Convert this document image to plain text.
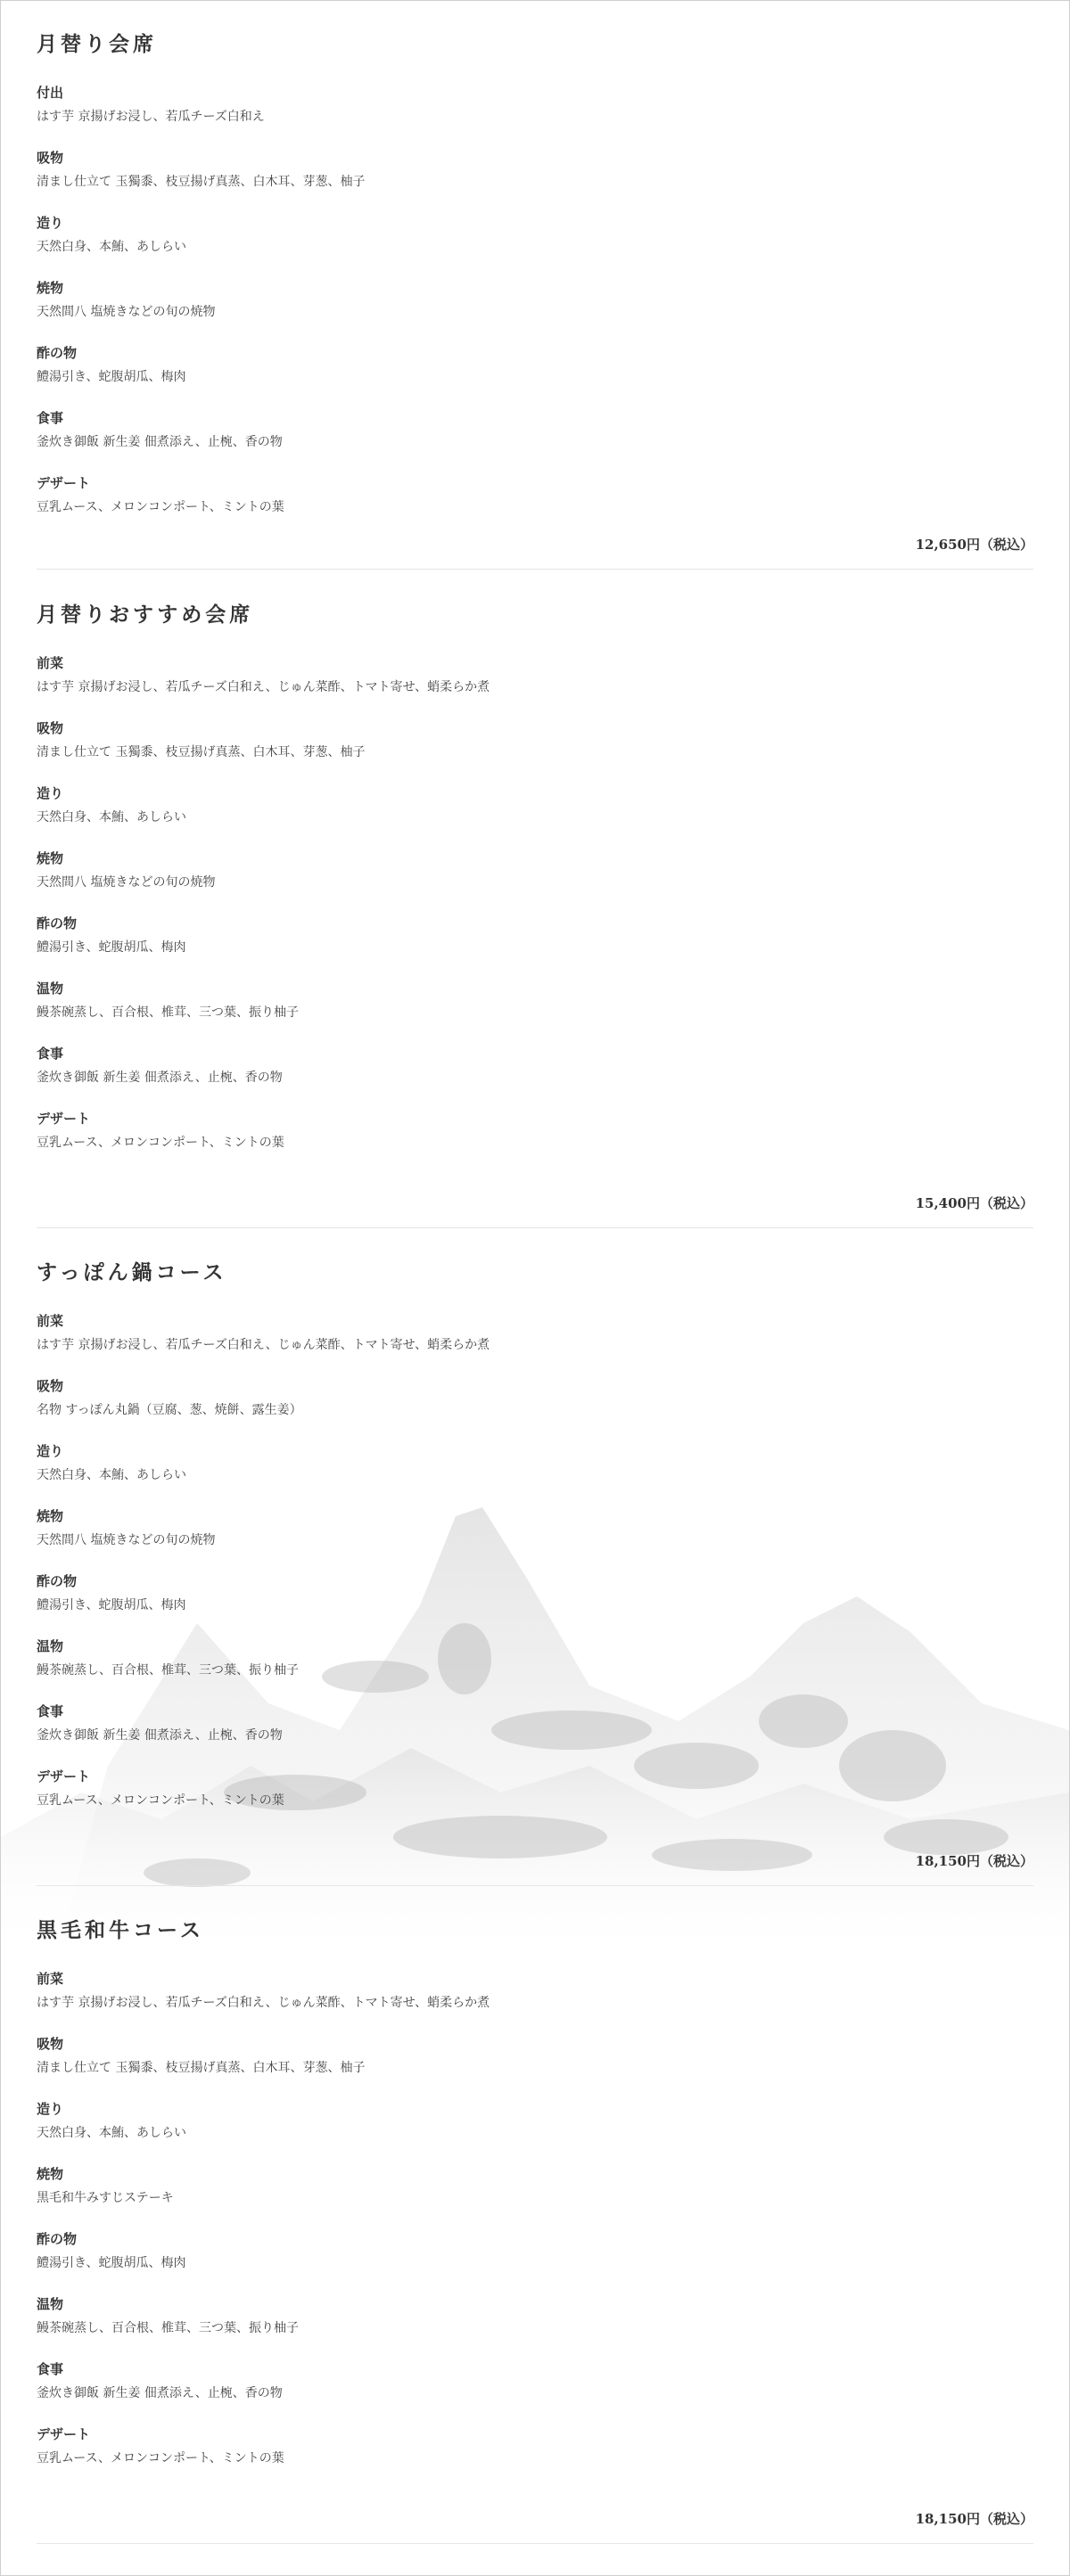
月替り会席
付出
はす芋 京揚げお浸し、若瓜チーズ白和え
吸物
清まし仕立て 玉獨黍、枝豆揚げ真蒸、白木耳、芽葱、柚子
造り
天然白身、本鮪、あしらい
焼物
天然間八 塩焼きなどの旬の焼物
酢の物
鱧湯引き、蛇腹胡瓜、梅肉
食事
釜炊き御飯 新生姜 佃煮添え、止椀、香の物
デザート
豆乳ムース、メロンコンポート、ミントの葉
12,650円（税込）
月替りおすすめ会席
前菜
はす芋 京揚げお浸し、若瓜チーズ白和え、じゅん菜酢、トマト寄せ、蛸柔らか煮
吸物
清まし仕立て 玉獨黍、枝豆揚げ真蒸、白木耳、芽葱、柚子
造り
天然白身、本鮪、あしらい
焼物
天然間八 塩焼きなどの旬の焼物
酢の物
鱧湯引き、蛇腹胡瓜、梅肉
温物
鰻茶碗蒸し、百合根、椎茸、三つ葉、振り柚子
食事
釜炊き御飯 新生姜 佃煮添え、止椀、香の物
デザート
豆乳ムース、メロンコンポート、ミントの葉
15,400円（税込）
すっぽん鍋コース
前菜
はす芋 京揚げお浸し、若瓜チーズ白和え、じゅん菜酢、トマト寄せ、蛸柔らか煮
吸物
名物 すっぽん丸鍋（豆腐、葱、焼餅、露生姜）
造り
天然白身、本鮪、あしらい
焼物
天然間八 塩焼きなどの旬の焼物
酢の物
鱧湯引き、蛇腹胡瓜、梅肉
温物
鰻茶碗蒸し、百合根、椎茸、三つ葉、振り柚子
食事
釜炊き御飯 新生姜 佃煮添え、止椀、香の物
デザート
豆乳ムース、メロンコンポート、ミントの葉
18,150円（税込）
黒毛和牛コース
前菜
はす芋 京揚げお浸し、若瓜チーズ白和え、じゅん菜酢、トマト寄せ、蛸柔らか煮
吸物
清まし仕立て 玉獨黍、枝豆揚げ真蒸、白木耳、芽葱、柚子
造り
天然白身、本鮪、あしらい
焼物
黒毛和牛みすじステーキ
酢の物
鱧湯引き、蛇腹胡瓜、梅肉
温物
鰻茶碗蒸し、百合根、椎茸、三つ葉、振り柚子
食事
釜炊き御飯 新生姜 佃煮添え、止椀、香の物
デザート
豆乳ムース、メロンコンポート、ミントの葉
18,150円（税込）
